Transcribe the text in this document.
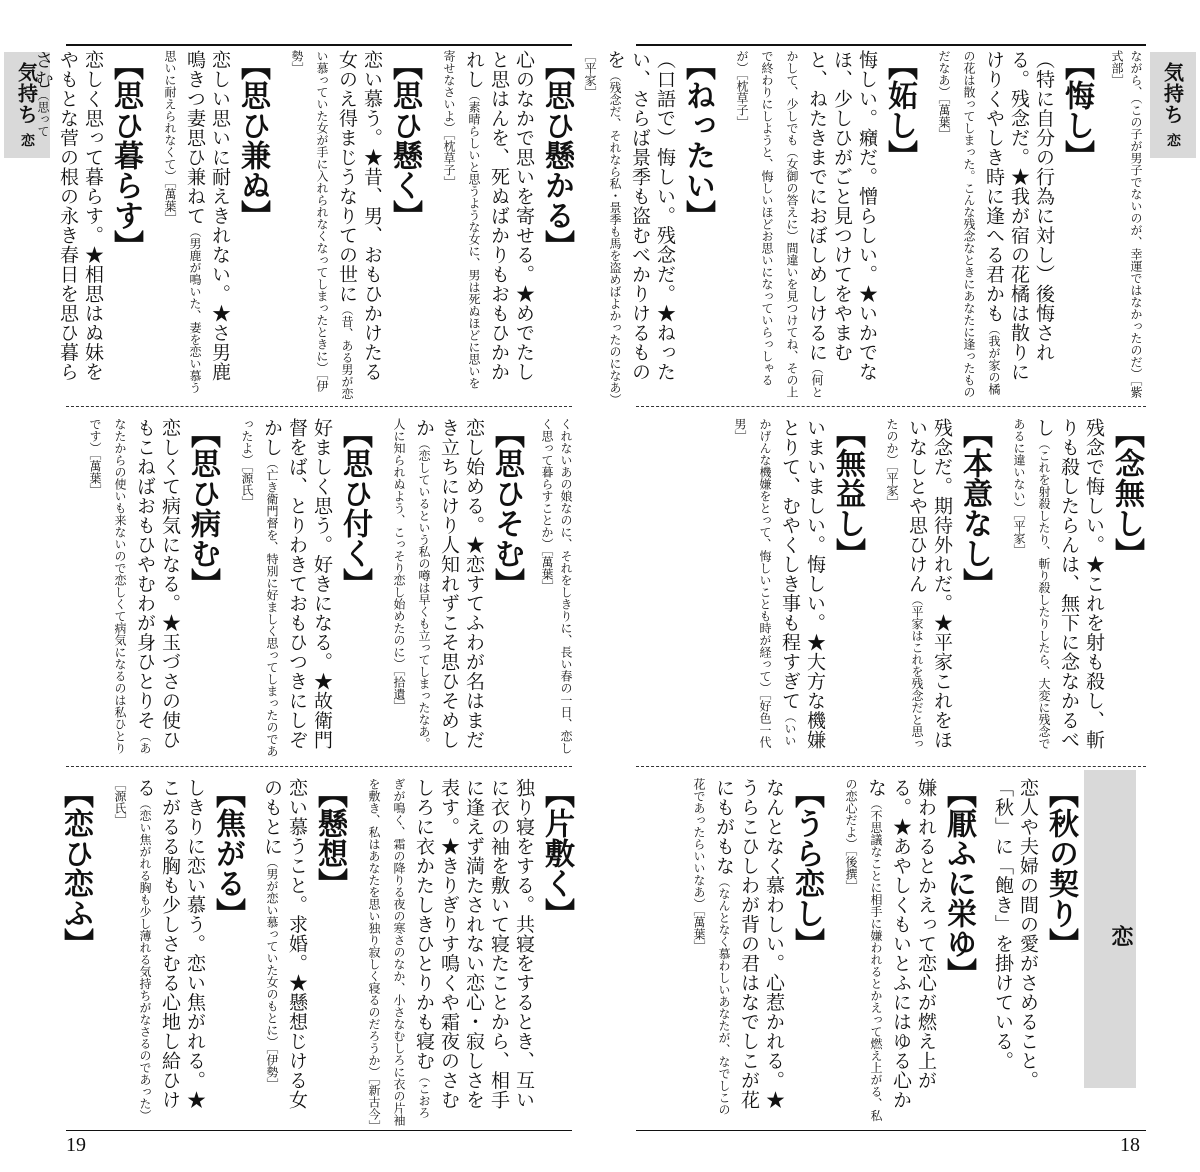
気持ち
恋	【思ひ懸かる】
心のなかで思いを寄せる。★めでたしと思はんを、死ぬばかりもおもひかかれし（素晴らしいと思うような女に、男は死ぬほどに思いを寄せなさいよ）［枕草子］
【思ひ懸く】
恋い慕う。★昔、男、おもひかけたる女のえ得まじうなりての世に（昔、ある男が恋い慕っていた女が手に入れられなくなってしまったときに）［伊勢］
【思ひ兼ぬ】
恋しい思いに耐えきれない。★さ男鹿鳴きつ妻思ひ兼ねて（男鹿が鳴いた、妻を恋い慕う思いに耐えられなくて）［萬葉］
【思ひ暮らす】
恋しく思って暮らす。★相思はぬ妹をやもとな菅の根の永き春日を思ひ暮らさむ（思って
くれないあの娘なのに、それをしきりに、長い春の一日、恋しく思って暮らすことか）［萬葉］
【思ひそむ】
恋し始める。★恋すてふわが名はまだき立ちにけり人知れずこそ思ひそめしか（恋しているという私の噂は早くも立ってしまったなあ。人に知られぬよう、こっそり恋し始めたのに）［拾遺］
【思ひ付く】
好ましく思う。好きになる。★故衛門督をば、とりわきておもひつきにしぞかし（亡き衛門督を、特別に好ましく思ってしまったのであったよ）［源氏］
【思ひ病む】
恋しくて病気になる。★玉づさの使ひもこねばおもひやむわが身ひとりそ（あなたからの使いも来ないので恋しくて病気になるのは私ひとりです）［萬葉］
【片敷く】
独り寝をする。共寝をするとき、互いに衣の袖を敷いて寝たことから、相手に逢えず満たされない恋心・寂しさを表す。★きりぎりす鳴くや霜夜のさむしろに衣かたしきひとりかも寝む（こおろぎが鳴く、霜の降りる夜の寒さのなか、小さなむしろに衣の片袖を敷き、私はあなたを思い独り寂しく寝るのだろうか）［新古今］
【懸想】
恋い慕うこと。求婚。★懸想じける女のもとに（男が恋い慕っていた女のもとに）［伊勢］
【焦がる】
しきりに恋い慕う。恋い焦がれる。★こがるる胸も少しさむる心地し給ひける（恋い焦がれる胸も少し薄れる気持ちがなさるのであった）［源氏］
【恋ひ恋ふ】
19
気持ち
恋
ながら、（この子が男子でないのが、幸運ではなかったのだ）［紫式部］
【悔し】
（特に自分の行為に対し）後悔される。残念だ。★我が宿の花橘は散りにけりくやしき時に逢へる君かも（我が家の橘の花は散ってしまった。こんな残念なときにあなたに逢ったものだなあ）［萬葉］
【妬し】
悔しい。癪だ。憎らしい。★いかでなほ、少しひがごと見つけてをやまむと、ねたきまでにおぼしめしけるに（何とかして、少しでも（女御の答えに）間違いを見つけてね、その上で終わりにしようと、悔しいほどお思いになっていらっしゃるが）［枕草子］
【ねったい】
（口語で）悔しい。残念だ。★ねったい、さらば景季も盗むべかりけるものを（残念だ、それなら私・景季も馬を盗めばよかったのになあ）［平家］
【念無し】
残念で悔しい。★これを射も殺し、斬りも殺したらんは、無下に念なかるべし（これを射殺したり、斬り殺したりしたら、大変に残念であるに違いない）［平家］
【本意なし】
残念だ。期待外れだ。★平家これをほいなしとや思ひけん（平家はこれを残念だと思ったのか）［平家］
【無益し】
いまいましい。悔しい。★大方な機嫌とりて、むやくしき事も程すぎて（いいかげんな機嫌をとって、悔しいことも時が経って）［好色一代男］
恋
【秋の契り】
恋人や夫婦の間の愛がさめること。「秋」に「飽き」を掛けている。
【厭ふに栄ゆ】
嫌われるとかえって恋心が燃え上がる。★あやしくもいとふにはゆる心かな（不思議なことに相手に嫌われるとかえって燃え上がる、私の恋心だよ）［後撰］
【うら恋し】
なんとなく慕わしい。心惹かれる。★うらこひしわが背の君はなでしこが花にもがもな（なんとなく慕わしいあなたが、なでしこの花であったらいいなあ）［萬葉］
18
